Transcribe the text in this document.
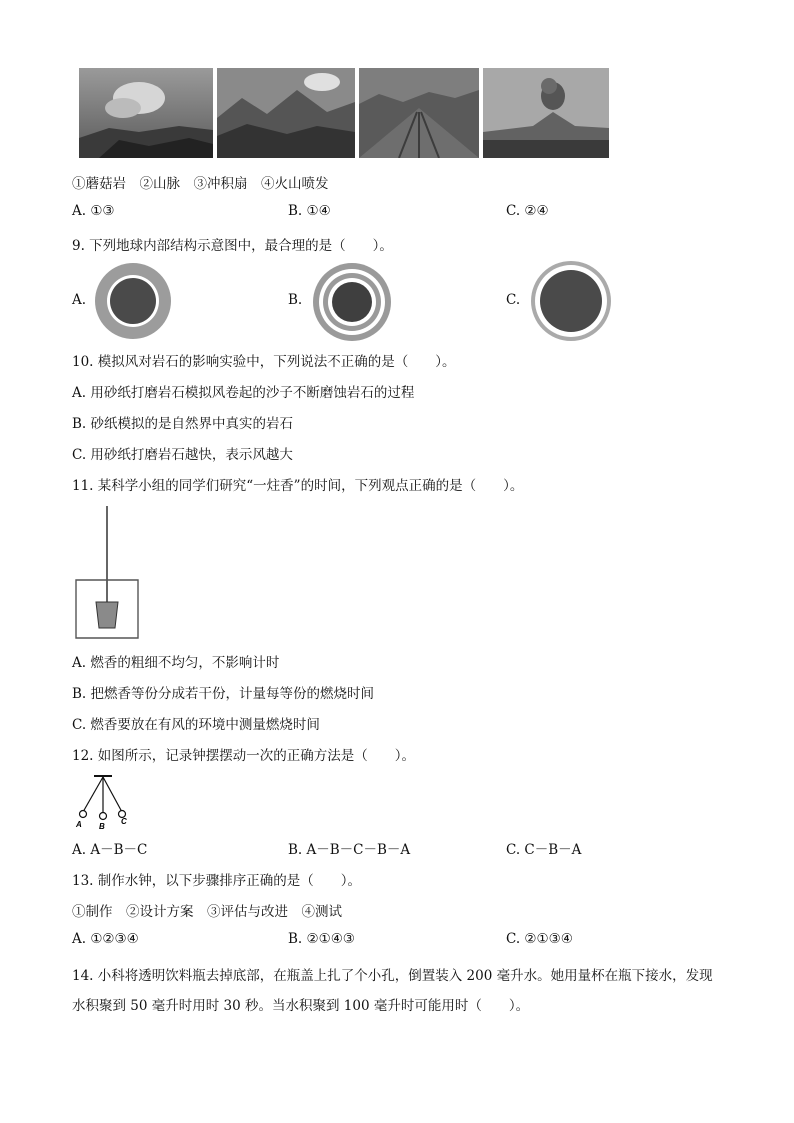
①蘑菇岩　②山脉　③冲积扇　④火山喷发
A. ①③	B. ①④	C. ②④
9. 下列地球内部结构示意图中，最合理的是（　　）。
A.	B.	C.
10. 模拟风对岩石的影响实验中，下列说法不正确的是（　　）。
A. 用砂纸打磨岩石模拟风卷起的沙子不断磨蚀岩石的过程
B. 砂纸模拟的是自然界中真实的岩石
C. 用砂纸打磨岩石越快，表示风越大
11. 某科学小组的同学们研究“一炷香”的时间，下列观点正确的是（　　）。
A. 燃香的粗细不均匀，不影响计时
B. 把燃香等份分成若干份，计量每等份的燃烧时间
C. 燃香要放在有风的环境中测量燃烧时间
12. 如图所示，记录钟摆摆动一次的正确方法是（　　）。
A B
C
A. A－B－C	B. A－B－C－B－A	C. C－B－A
13. 制作水钟，以下步骤排序正确的是（　　）。
①制作　②设计方案　③评估与改进　④测试
A. ①②③④	B. ②①④③	C. ②①③④
14. 小科将透明饮料瓶去掉底部，在瓶盖上扎了个小孔，倒置装入 200 毫升水。她用量杯在瓶下接水，发现
水积聚到 50 毫升时用时 30 秒。当水积聚到 100 毫升时可能用时（　　）。
